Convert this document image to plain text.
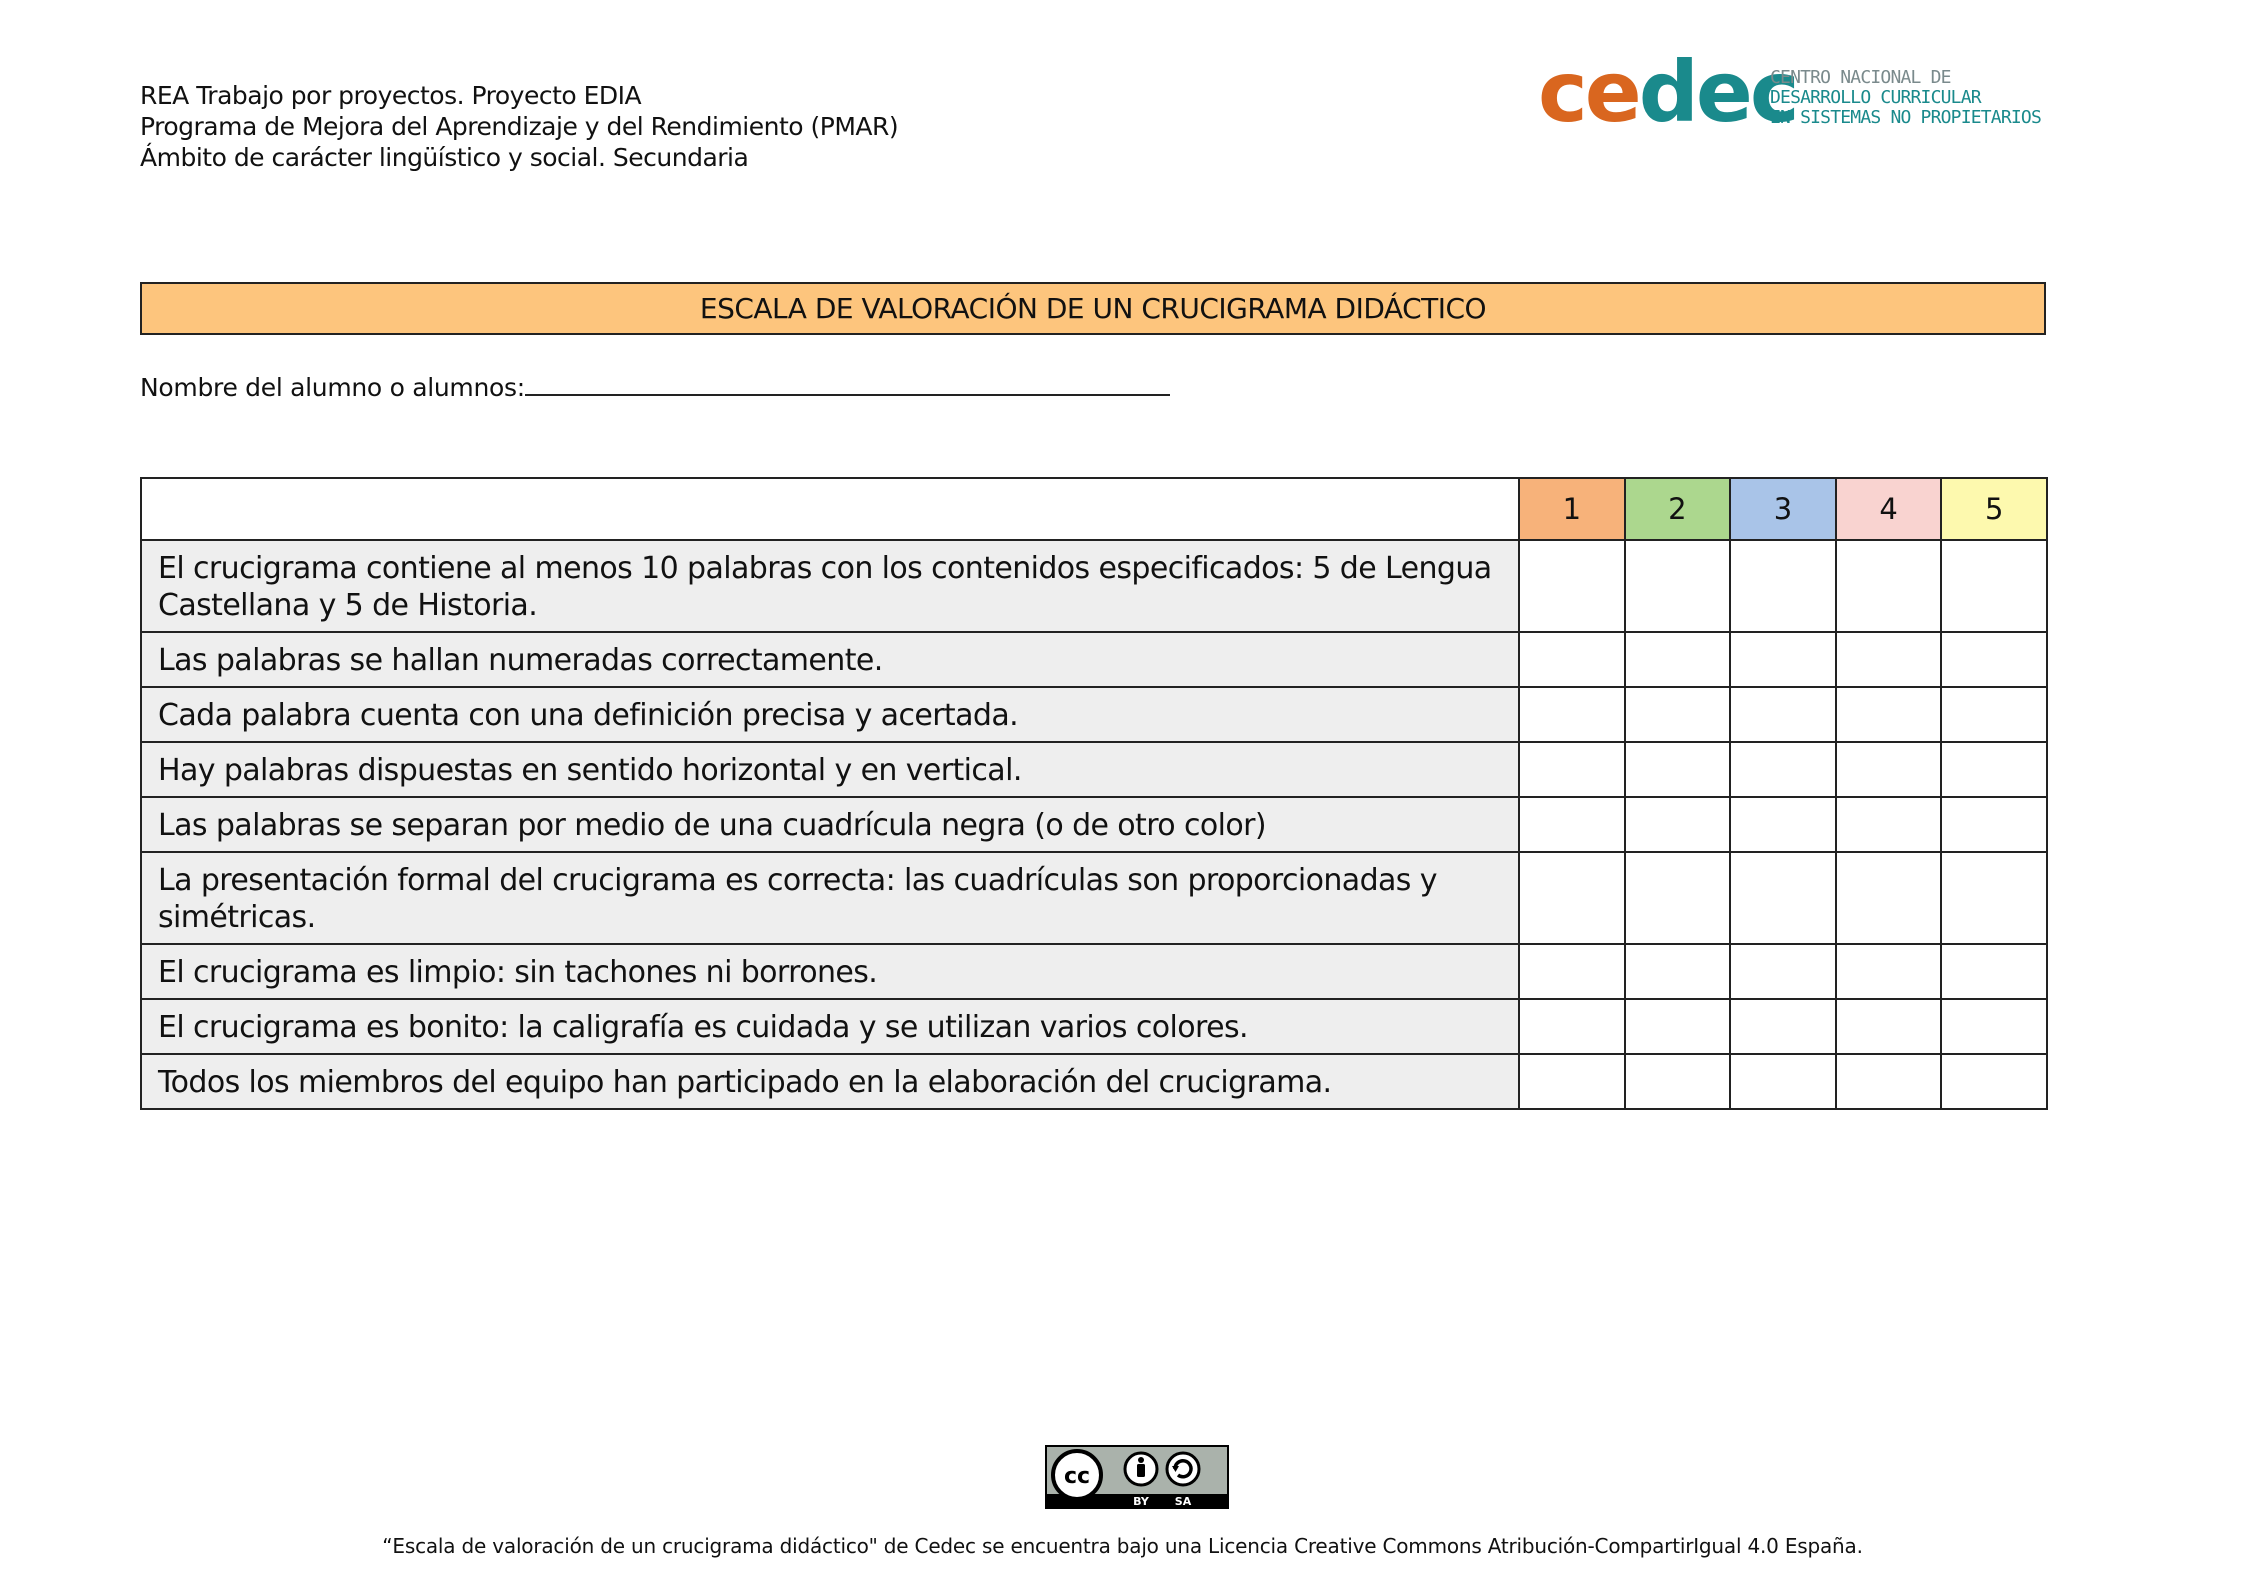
REA Trabajo por proyectos. Proyecto EDIA
Programa de Mejora del Aprendizaje y del Rendimiento (PMAR)
Ámbito de carácter lingüístico y social. Secundaria
cedec
CENTRO NACIONAL DE
DESARROLLO CURRICULAR
EN SISTEMAS NO PROPIETARIOS
ESCALA DE VALORACIÓN DE UN CRUCIGRAMA DIDÁCTICO
Nombre del alumno o alumnos:
	1	2	3	4	5
El crucigrama contiene al menos 10 palabras con los contenidos especificados: 5 de Lengua Castellana y 5 de Historia.					
Las palabras se hallan numeradas correctamente.					
Cada palabra cuenta con una definición precisa y acertada.					
Hay palabras dispuestas en sentido horizontal y en vertical.					
Las palabras se separan por medio de una cuadrícula negra (o de otro color)					
La presentación formal del crucigrama es correcta: las cuadrículas son proporcionadas y simétricas.					
El crucigrama es limpio: sin tachones ni borrones.					
El crucigrama es bonito: la caligrafía es cuidada y se utilizan varios colores.					
Todos los miembros del equipo han participado en la elaboración del crucigrama.					
cc
BY SA
“Escala de valoración de un crucigrama didáctico" de Cedec se encuentra bajo una Licencia Creative Commons Atribución-CompartirIgual 4.0 España.
